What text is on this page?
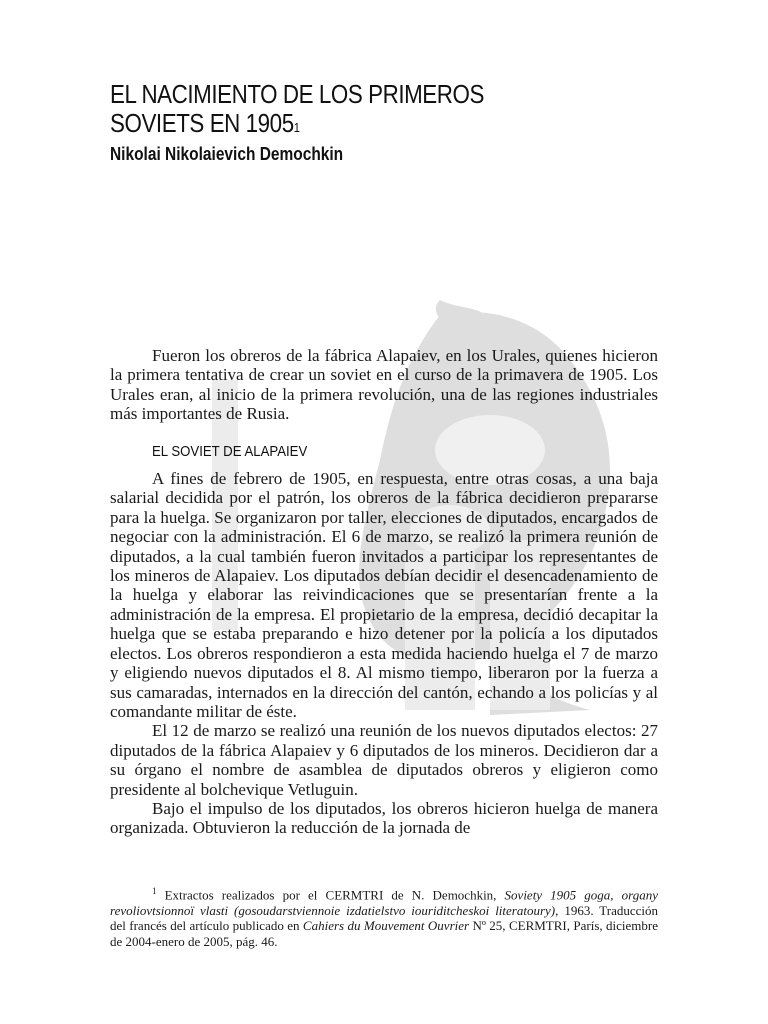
EL NACIMIENTO DE LOS PRIMEROS
SOVIETS EN 1905$^1$
Nikolai Nikolaievich Demochkin

Fueron los obreros de la fábrica Alapaiev, en los Urales, quienes hicieron la primera tentativa de crear un soviet en el curso de la primavera de 1905. Los Urales eran, al inicio de la primera revolución, una de las regiones industriales más importantes de Rusia.

EL SOVIET DE ALAPAIEV

A fines de febrero de 1905, en respuesta, entre otras cosas, a una baja salarial decidida por el patrón, los obreros de la fábrica decidieron prepararse para la huelga. Se organizaron por taller, elecciones de diputados, encargados de negociar con la administración. El 6 de marzo, se realizó la primera reunión de diputados, a la cual también fueron invitados a participar los representantes de los mineros de Alapaiev. Los diputados debían decidir el desencadenamiento de la huelga y elaborar las reivindicaciones que se presentarían frente a la administración de la empresa. El propietario de la empresa, decidió decapitar la huelga que se estaba preparando e hizo detener por la policía a los diputados electos. Los obreros respondieron a esta medida haciendo huelga el 7 de marzo y eligiendo nuevos diputados el 8. Al mismo tiempo, liberaron por la fuerza a sus camaradas, internados en la dirección del cantón, echando a los policías y al comandante militar de éste.

El 12 de marzo se realizó una reunión de los nuevos diputados electos: 27 diputados de la fábrica Alapaiev y 6 diputados de los mineros. Decidieron dar a su órgano el nombre de asamblea de diputados obreros y eligieron como presidente al bolchevique Vetluguin.

Bajo el impulso de los diputados, los obreros hicieron huelga de manera organizada. Obtuvieron la reducción de la jornada de

$^1$ Extractos realizados por el CERMTRI de N. Demochkin, Soviety 1905 goga, organy revoliovtsionnoï vlasti (gosoudarstviennoie izdatielstvo iouriditcheskoi literatoury), 1963. Traducción del francés del artículo publicado en Cahiers du Mouvement Ouvrier Nº 25, CERMTRI, París, diciembre de 2004-enero de 2005, pág. 46.
